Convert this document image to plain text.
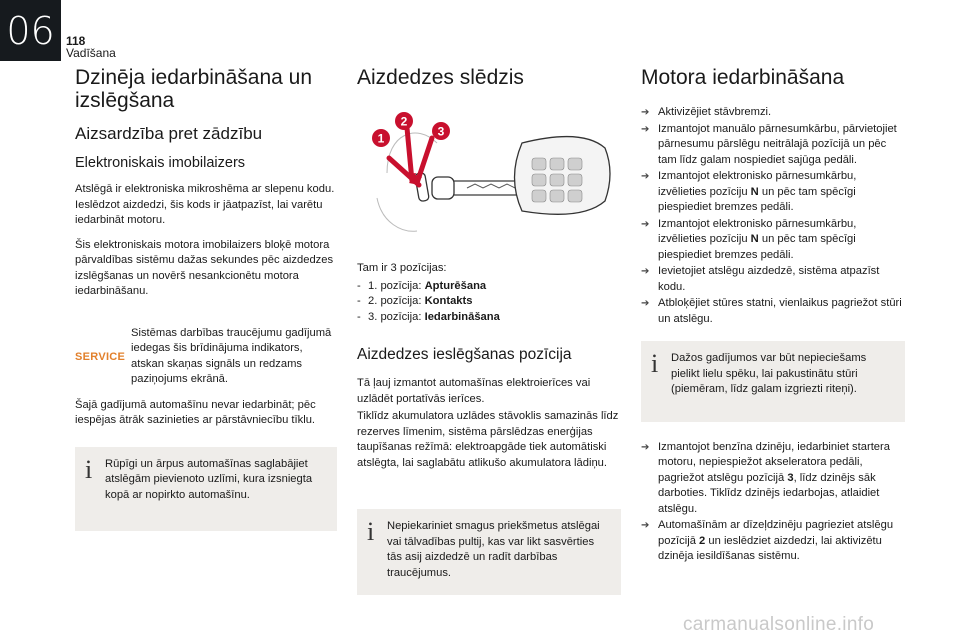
06 118
Vadīšana
Dzinēja iedarbināšana un izslēgšana
Aizsardzība pret zādzību
Elektroniskais imobilaizers

Atslēgā ir elektroniska mikroshēma ar slepenu kodu. Ieslēdzot aizdedzi, šis kods ir jāatpazīst, lai varētu iedarbināt motoru.

Šis elektroniskais motora imobilaizers bloķē motora pārvaldības sistēmu dažas sekundes pēc aizdedzes izslēgšanas un novērš nesankcionētu motora iedarbināšanu.

SERVICE
Sistēmas darbības traucējumu gadījumā iedegas šis brīdinājuma indikators, atskan skaņas signāls un redzams paziņojums ekrānā.

Šajā gadījumā automašīnu nevar iedarbināt; pēc iespējas ātrāk sazinieties ar pārstāvniecību tīklu.

i Rūpīgi un ārpus automašīnas saglabājiet atslēgām pievienoto uzlīmi, kura izsniegta kopā ar nopirkto automašīnu.
Aizdedzes slēdzis
1
2
3

Tam ir 3 pozīcijas:

- 1. pozīcija: Apturēšana
- 2. pozīcija: Kontakts
- 3. pozīcija: Iedarbināšana
Aizdedzes ieslēgšanas pozīcija

Tā ļauj izmantot automašīnas elektroierīces vai uzlādēt portatīvās ierīces.

Tiklīdz akumulatora uzlādes stāvoklis samazinās līdz rezerves līmenim, sistēma pārslēdzas enerģijas taupīšanas režīmā: elektroapgāde tiek automātiski atslēgta, lai saglabātu atlikušo akumulatora lādiņu.

i Nepiekariniet smagus priekšmetus atslēgai vai tālvadības pultij, kas var likt sasvērties tās asij aizdedzē un radīt darbības traucējumus.
Motora iedarbināšana
➔ Aktivizējiet stāvbremzi.
➔ Izmantojot manuālo pārnesumkārbu, pārvietojiet pārnesumu pārslēgu neitrālajā pozīcijā un pēc tam līdz galam nospiediet sajūga pedāli.
➔ Izmantojot elektronisko pārnesumkārbu, izvēlieties pozīciju N un pēc tam spēcīgi piespiediet bremzes pedāli.
➔ Izmantojot elektronisko pārnesumkārbu, izvēlieties pozīciju N un pēc tam spēcīgi piespiediet bremzes pedāli.
➔ Ievietojiet atslēgu aizdedzē, sistēma atpazīst kodu.
➔ Atbloķējiet stūres statni, vienlaikus pagriežot stūri un atslēgu.
i Dažos gadījumos var būt nepieciešams pielikt lielu spēku, lai pakustinātu stūri (piemēram, līdz galam izgriezti riteņi).
➔ Izmantojot benzīna dzinēju, iedarbiniet startera motoru, nepiespiežot akseleratora pedāli, pagriežot atslēgu pozīcijā 3, līdz dzinējs sāk darboties. Tiklīdz dzinējs iedarbojas, atlaidiet atslēgu.
➔ Automašīnām ar dīzeļdzinēju pagrieziet atslēgu pozīcijā 2 un ieslēdziet aizdedzi, lai aktivizētu dzinēja iesildīšanas sistēmu.
carmanualsonline.info
